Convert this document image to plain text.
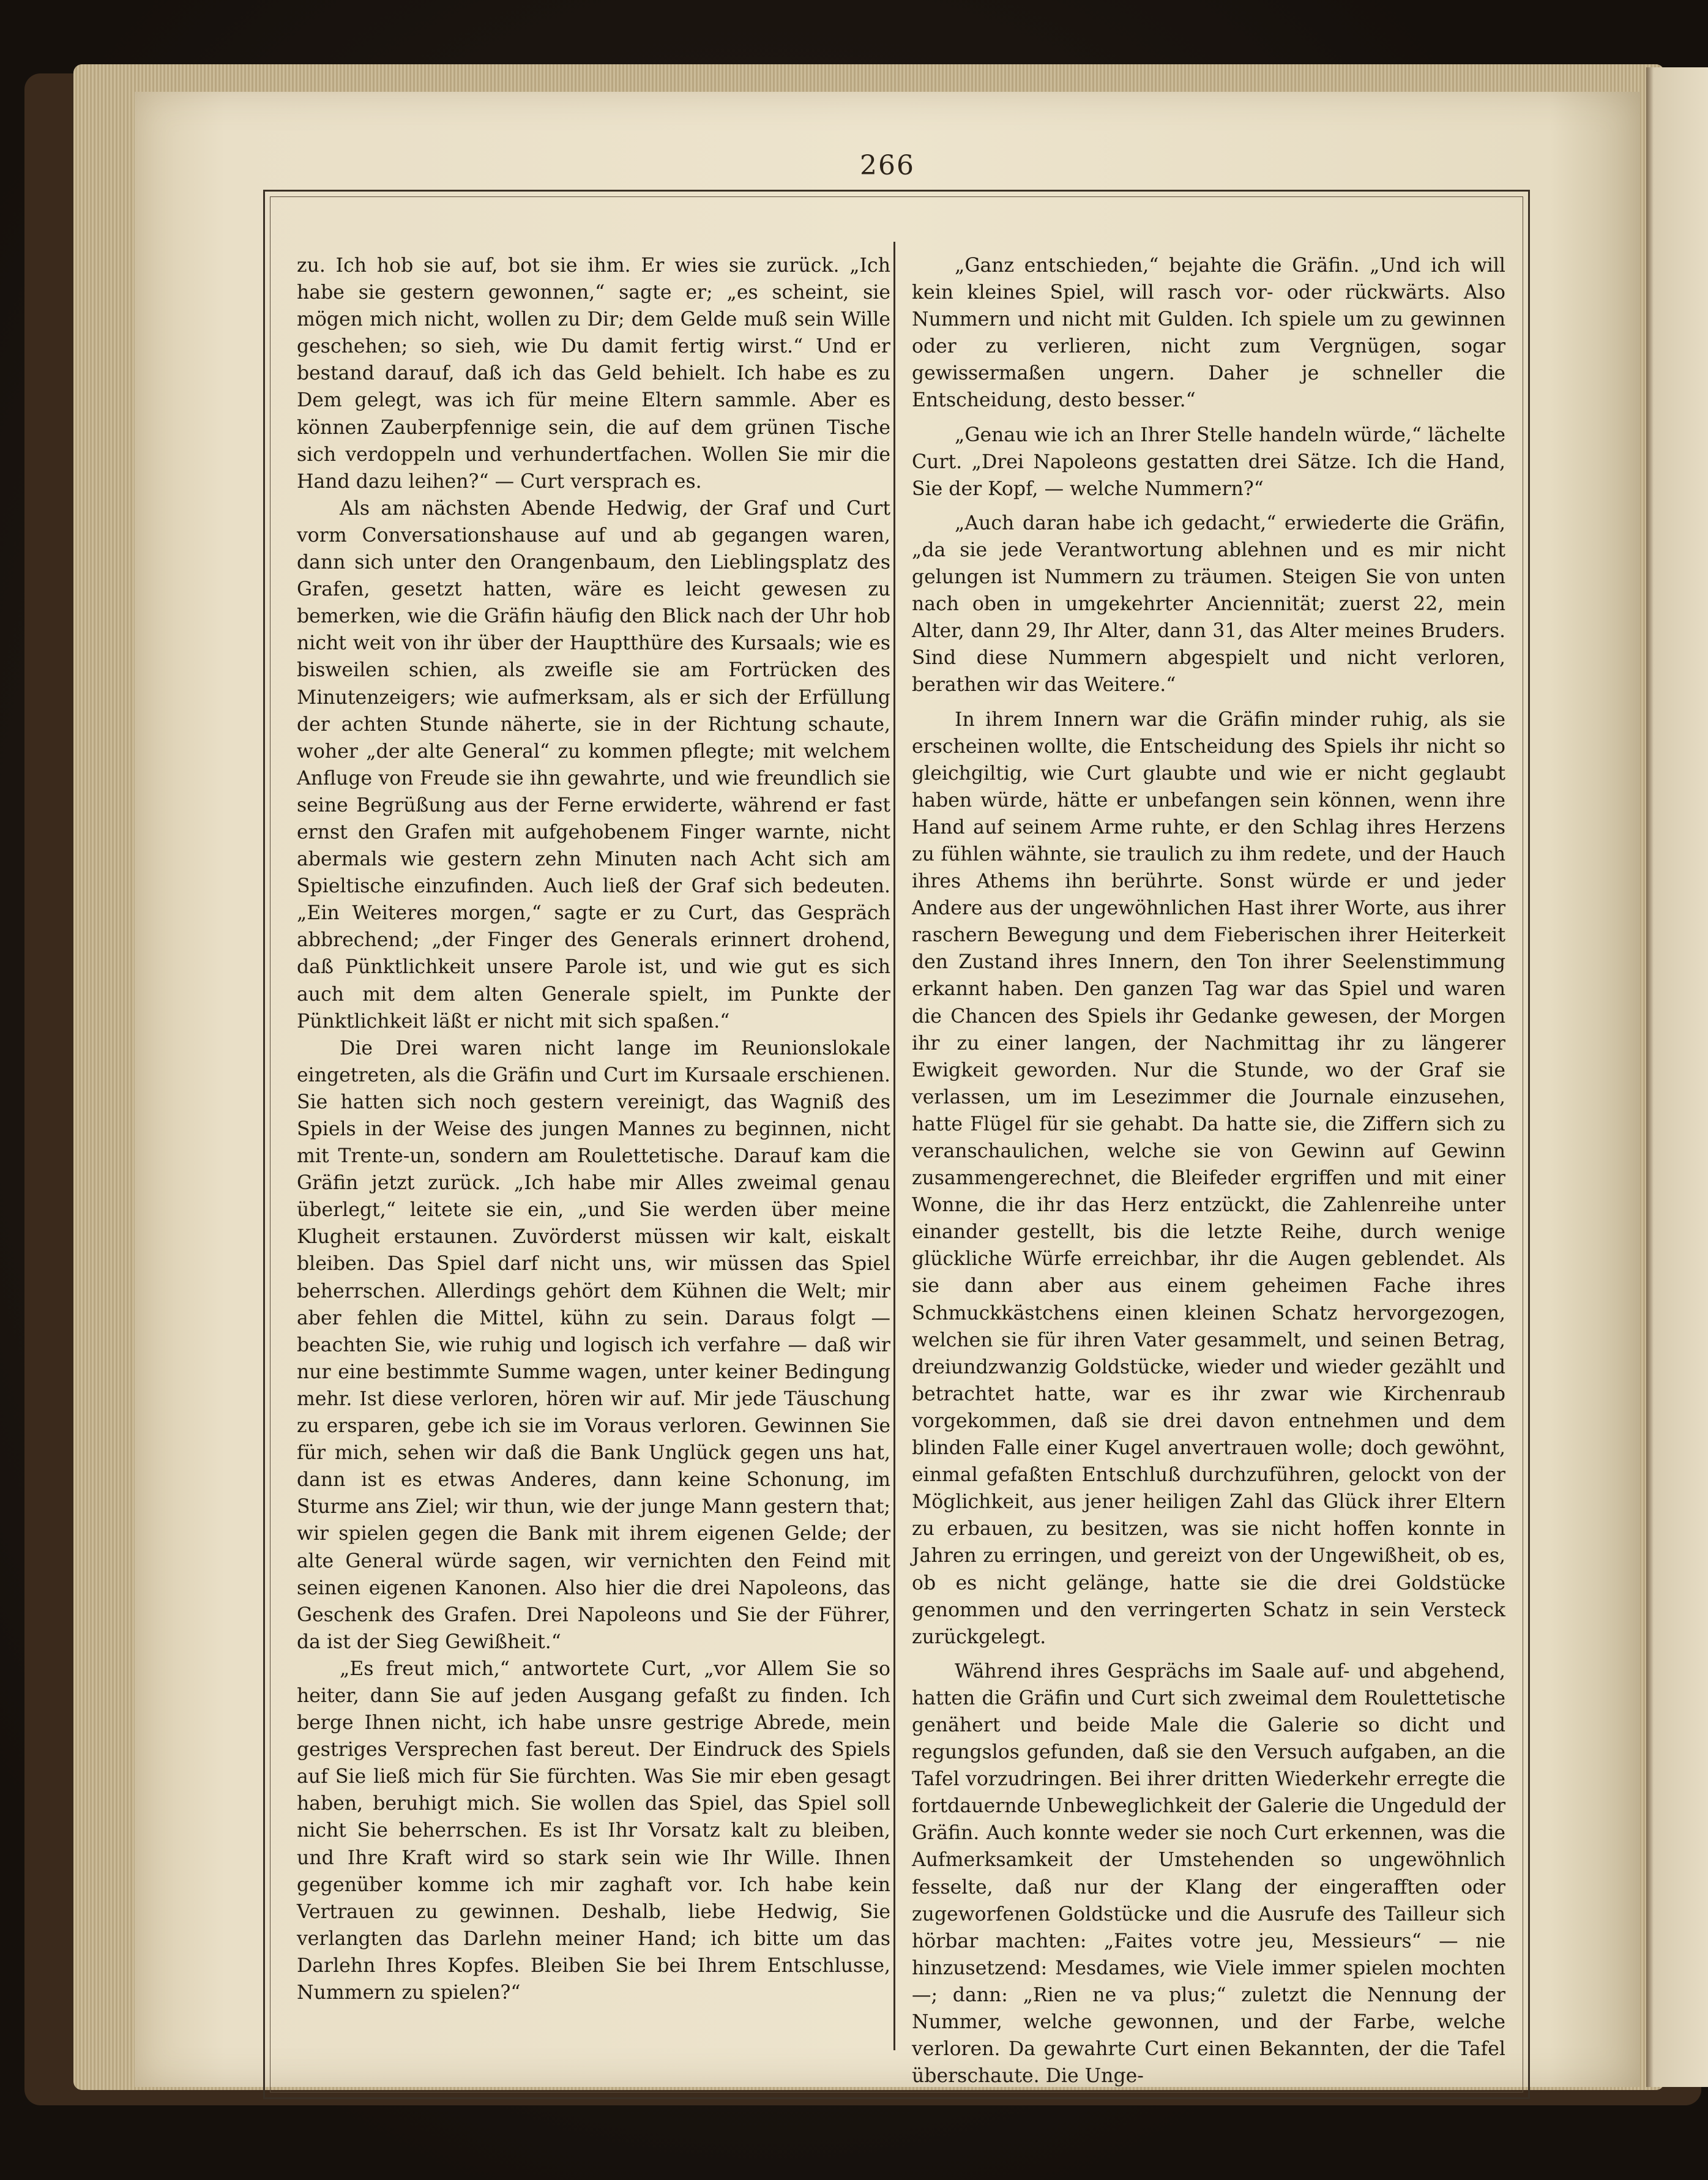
266

zu. Ich hob sie auf, bot sie ihm. Er wies sie zurück. „Ich habe sie gestern gewonnen,“ sagte er; „es scheint, sie mögen mich nicht, wollen zu Dir; dem Gelde muß sein Wille geschehen; so sieh, wie Du damit fertig wirst.“ Und er bestand darauf, daß ich das Geld behielt. Ich habe es zu Dem gelegt, was ich für meine Eltern sammle. Aber es können Zauberpfennige sein, die auf dem grünen Tische sich verdoppeln und verhundertfachen. Wollen Sie mir die Hand dazu leihen?“ — Curt versprach es.

Als am nächsten Abende Hedwig, der Graf und Curt vorm Conversationshause auf und ab gegangen waren, dann sich unter den Orangenbaum, den Lieblingsplatz des Grafen, gesetzt hatten, wäre es leicht gewesen zu bemerken, wie die Gräfin häufig den Blick nach der Uhr hob nicht weit von ihr über der Hauptthüre des Kursaals; wie es bisweilen schien, als zweifle sie am Fortrücken des Minutenzeigers; wie aufmerksam, als er sich der Erfüllung der achten Stunde näherte, sie in der Richtung schaute, woher „der alte General“ zu kommen pflegte; mit welchem Anfluge von Freude sie ihn gewahrte, und wie freundlich sie seine Begrüßung aus der Ferne erwiderte, während er fast ernst den Grafen mit aufgehobenem Finger warnte, nicht abermals wie gestern zehn Minuten nach Acht sich am Spieltische einzufinden. Auch ließ der Graf sich bedeuten. „Ein Weiteres morgen,“ sagte er zu Curt, das Gespräch abbrechend; „der Finger des Generals erinnert drohend, daß Pünktlichkeit unsere Parole ist, und wie gut es sich auch mit dem alten Generale spielt, im Punkte der Pünktlichkeit läßt er nicht mit sich spaßen.“

Die Drei waren nicht lange im Reunionslokale eingetreten, als die Gräfin und Curt im Kursaale erschienen. Sie hatten sich noch gestern vereinigt, das Wagniß des Spiels in der Weise des jungen Mannes zu beginnen, nicht mit Trente-un, sondern am Roulettetische. Darauf kam die Gräfin jetzt zurück. „Ich habe mir Alles zweimal genau überlegt,“ leitete sie ein, „und Sie werden über meine Klugheit erstaunen. Zuvörderst müssen wir kalt, eiskalt bleiben. Das Spiel darf nicht uns, wir müssen das Spiel beherrschen. Allerdings gehört dem Kühnen die Welt; mir aber fehlen die Mittel, kühn zu sein. Daraus folgt — beachten Sie, wie ruhig und logisch ich verfahre — daß wir nur eine bestimmte Summe wagen, unter keiner Bedingung mehr. Ist diese verloren, hören wir auf. Mir jede Täuschung zu ersparen, gebe ich sie im Voraus verloren. Gewinnen Sie für mich, sehen wir daß die Bank Unglück gegen uns hat, dann ist es etwas Anderes, dann keine Schonung, im Sturme ans Ziel; wir thun, wie der junge Mann gestern that; wir spielen gegen die Bank mit ihrem eigenen Gelde; der alte General würde sagen, wir vernichten den Feind mit seinen eigenen Kanonen. Also hier die drei Napoleons, das Geschenk des Grafen. Drei Napoleons und Sie der Führer, da ist der Sieg Gewißheit.“

„Es freut mich,“ antwortete Curt, „vor Allem Sie so heiter, dann Sie auf jeden Ausgang gefaßt zu finden. Ich berge Ihnen nicht, ich habe unsre gestrige Abrede, mein gestriges Versprechen fast bereut. Der Eindruck des Spiels auf Sie ließ mich für Sie fürchten. Was Sie mir eben gesagt haben, beruhigt mich. Sie wollen das Spiel, das Spiel soll nicht Sie beherrschen. Es ist Ihr Vorsatz kalt zu bleiben, und Ihre Kraft wird so stark sein wie Ihr Wille. Ihnen gegenüber komme ich mir zaghaft vor. Ich habe kein Vertrauen zu gewinnen. Deshalb, liebe Hedwig, Sie verlangten das Darlehn meiner Hand; ich bitte um das Darlehn Ihres Kopfes. Bleiben Sie bei Ihrem Entschlusse, Nummern zu spielen?“

„Ganz entschieden,“ bejahte die Gräfin. „Und ich will kein kleines Spiel, will rasch vor- oder rückwärts. Also Nummern und nicht mit Gulden. Ich spiele um zu gewinnen oder zu verlieren, nicht zum Vergnügen, sogar gewissermaßen ungern. Daher je schneller die Entscheidung, desto besser.“

„Genau wie ich an Ihrer Stelle handeln würde,“ lächelte Curt. „Drei Napoleons gestatten drei Sätze. Ich die Hand, Sie der Kopf, — welche Nummern?“

„Auch daran habe ich gedacht,“ erwiederte die Gräfin, „da sie jede Verantwortung ablehnen und es mir nicht gelungen ist Nummern zu träumen. Steigen Sie von unten nach oben in umgekehrter Anciennität; zuerst 22, mein Alter, dann 29, Ihr Alter, dann 31, das Alter meines Bruders. Sind diese Nummern abgespielt und nicht verloren, berathen wir das Weitere.“

In ihrem Innern war die Gräfin minder ruhig, als sie erscheinen wollte, die Entscheidung des Spiels ihr nicht so gleichgiltig, wie Curt glaubte und wie er nicht geglaubt haben würde, hätte er unbefangen sein können, wenn ihre Hand auf seinem Arme ruhte, er den Schlag ihres Herzens zu fühlen wähnte, sie traulich zu ihm redete, und der Hauch ihres Athems ihn berührte. Sonst würde er und jeder Andere aus der ungewöhnlichen Hast ihrer Worte, aus ihrer raschern Bewegung und dem Fieberischen ihrer Heiterkeit den Zustand ihres Innern, den Ton ihrer Seelenstimmung erkannt haben. Den ganzen Tag war das Spiel und waren die Chancen des Spiels ihr Gedanke gewesen, der Morgen ihr zu einer langen, der Nachmittag ihr zu längerer Ewigkeit geworden. Nur die Stunde, wo der Graf sie verlassen, um im Lesezimmer die Journale einzusehen, hatte Flügel für sie gehabt. Da hatte sie, die Ziffern sich zu veranschaulichen, welche sie von Gewinn auf Gewinn zusammengerechnet, die Bleifeder ergriffen und mit einer Wonne, die ihr das Herz entzückt, die Zahlenreihe unter einander gestellt, bis die letzte Reihe, durch wenige glückliche Würfe erreichbar, ihr die Augen geblendet. Als sie dann aber aus einem geheimen Fache ihres Schmuckkästchens einen kleinen Schatz hervorgezogen, welchen sie für ihren Vater gesammelt, und seinen Betrag, dreiundzwanzig Goldstücke, wieder und wieder gezählt und betrachtet hatte, war es ihr zwar wie Kirchenraub vorgekommen, daß sie drei davon entnehmen und dem blinden Falle einer Kugel anvertrauen wolle; doch gewöhnt, einmal gefaßten Entschluß durchzuführen, gelockt von der Möglichkeit, aus jener heiligen Zahl das Glück ihrer Eltern zu erbauen, zu besitzen, was sie nicht hoffen konnte in Jahren zu erringen, und gereizt von der Ungewißheit, ob es, ob es nicht gelänge, hatte sie die drei Goldstücke genommen und den verringerten Schatz in sein Versteck zurückgelegt.

Während ihres Gesprächs im Saale auf- und abgehend, hatten die Gräfin und Curt sich zweimal dem Roulettetische genähert und beide Male die Galerie so dicht und regungslos gefunden, daß sie den Versuch aufgaben, an die Tafel vorzudringen. Bei ihrer dritten Wiederkehr erregte die fortdauernde Unbeweglichkeit der Galerie die Ungeduld der Gräfin. Auch konnte weder sie noch Curt erkennen, was die Aufmerksamkeit der Umstehenden so ungewöhnlich fesselte, daß nur der Klang der eingerafften oder zugeworfenen Goldstücke und die Ausrufe des Tailleur sich hörbar machten: „Faites votre jeu, Messieurs“ — nie hinzusetzend: Mesdames, wie Viele immer spielen mochten —; dann: „Rien ne va plus;“ zuletzt die Nennung der Nummer, welche gewonnen, und der Farbe, welche verloren. Da gewahrte Curt einen Bekannten, der die Tafel überschaute. Die Unge-
